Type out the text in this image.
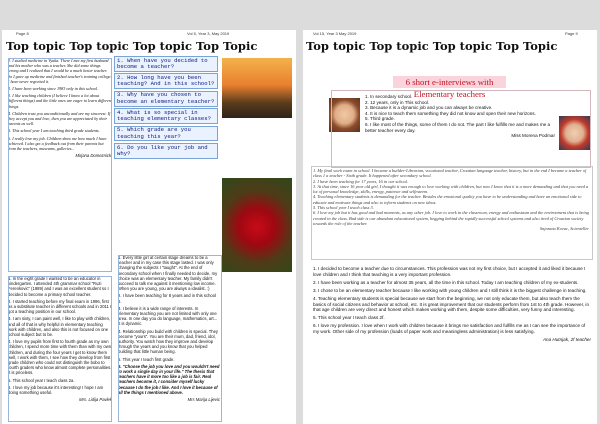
Page 8	Vol 5, Year 3, May 2019
Top topic Top topic Top topic Top Topic

1. I studied medicine in Vyaka. There I met my first husband and his mother who was a teacher. She did some things wrong and I realized that I would be a much better teacher. So I gave up medicine and finished teacher's training college. I have never regretted it.

2. I have been working since 1983 only in this school.

3. I like teaching children (I believe I know a lot about different things) and the little ones are eager to learn different things.

4. Children trust you unconditionally and are my sincerest. If they accept you and love, then you are appreciated by their parents as well.

5. This school year I am teaching third grade students.

6. I really love my job. Children show me how much I have achieved. I also get a feedback out from their parents but from the teachers, museums, galleries...

Mirjana Domeznicki
1. When have you decided to become a teacher?
2. How long have you been teaching? And in this school?
3. Why have you chosen to become an elementary teacher?
4. What is so special in teaching elementary classes?
5. Which grade are you teaching this year?
6. Do you like your job and why?

1. In the eight grade I wanted to be an educator in kindergarten. I attended 4th grammar school "Ruzi Ferenkovic" (1989) and I was an excellent student so I decided to become a primary school teacher.

2. I started teaching before my final exam in 1996, first as a substitute teacher in different schools and in 2011 I got a teaching position in our school.

3. I am sixty, I can paint well, I like to play with children, and all of that is why helpful in elementary teaching work with children, and also this is not focused on one school subject but to be.

4. I love my pupils from first to fourth grade as my own children, I spend more time with them than with my own children, and during the four years I get to know them well, I work with them, I see how they develop from first grade children who could not distinguish the bobo to fourth graders who know almost complete personalities. It is priceless.

5. This school year I teach class 2a.

6. I love my job because it's interesting! I hope I am doing something useful.

Mrs. Lidija Pavlek

1. Every little girl at certain stage dreams to be a teacher and in my case this stage lasted. I was only changing the subjects I "taught". At the end of secondary school when I finally needed to decide, my choice was an elementary teacher. My family didn't succeed to talk me against it mentioning low income. When you are young, you are always a idealist. :)

2. I have been teaching for 8 years and in this school 6.

3. I believe it is a wide range of interests. In elementary teaching you are not limited with only one area. In one day you do language, mathematics, art... It is dynamic.

4. Relationship you build with children is special. They become "yours". You are their mum, dad, friend, idol, authority. You watch how they improve and develop through the years and you know that you helped building that little human being.

5. This year I teach first grade.

6. "Choose the job you love and you wouldn't need to work a single day in your life." The thesis that teachers have it more too like a job is fair. Real teachers become it, I consider myself lucky because I do the job I like. And I love it because of all the things I mentioned above.

Mrs Marija Lijevic
Vol 15, Year 3 May 2019	Page 9
Top topic Top topic Top topic Top Topic
6 short e-interviews with Elementary teachers
1. In secondary school.
2. 12 years, only in This school.
3. Because it is a dynamic job and you can always be creative.
4. It is nice to teach them something they did not know and open their new horizons.
5. Third grade.
6. I like most of the things, some of them I do not. The part I like fulfills me and makes me a better teacher every day.
Miss Morena Podmar
1. My final work exam in school. I became a builder-Librarian, vocational teacher, Croatian language teacher, history, but in the end I became a teacher of class 1 a teacher - Sixth grade. It happened after secondary school.
2. I have been teaching for 17 years, 16 in our school.
3. At that time, since 16 year old girl, I thought it was enough to love working with children, but now I know that it is a more demanding and that you need a lot of personal knowledge, skills, energy, patience and selfesteem.
4. Teaching elementary students is demanding for the teacher. Besides the emotional quality you have to be understanding and have an emotional side to educate and motivate things and also to inform students on new ideas.
5. This school year I teach class 3.
6. I love my job but it has good and bad moments, as any other job. I love to work in the classroom, energy and enthusiasm and the environment that is being created in the class. Bad side is our abundant educational system, begging behind the rapidly successful school systems and also tired of Croatian society towards the role of the teacher.
Snjezana Kovac, Scienteller

1. I decided to become a teacher due to circumstances. This profession was not my first choice, but I accepted it and liked it because I love children and I think that teaching is a very important profession.

2. I have been working as a teacher for almost 35 years, all the time in this school. Today I am teaching children of my ex-students.

3. I chose to be an elementary teacher because I like working with young children and I still think it is the biggest challenge in teaching.

4. Teaching elementary students is special because we start from the beginning, we not only educate them, but also teach them the basics of social citizens and behavior at school, etc. It is great improvement that our students perform from 1st to 4th grade. However, in that age children are very direct and honest which makes working with them, despite some difficulties, very funny and interesting.

5. This school year I teach class 2f.

6. I love my profession. I love when I work with children because it brings me satisfaction and fulfills me as I can see the importance of my work. Other side of my profession (loads of paper work and meaningless administration) is less satisfying.

Ana Hutnjak, 2f teacher
